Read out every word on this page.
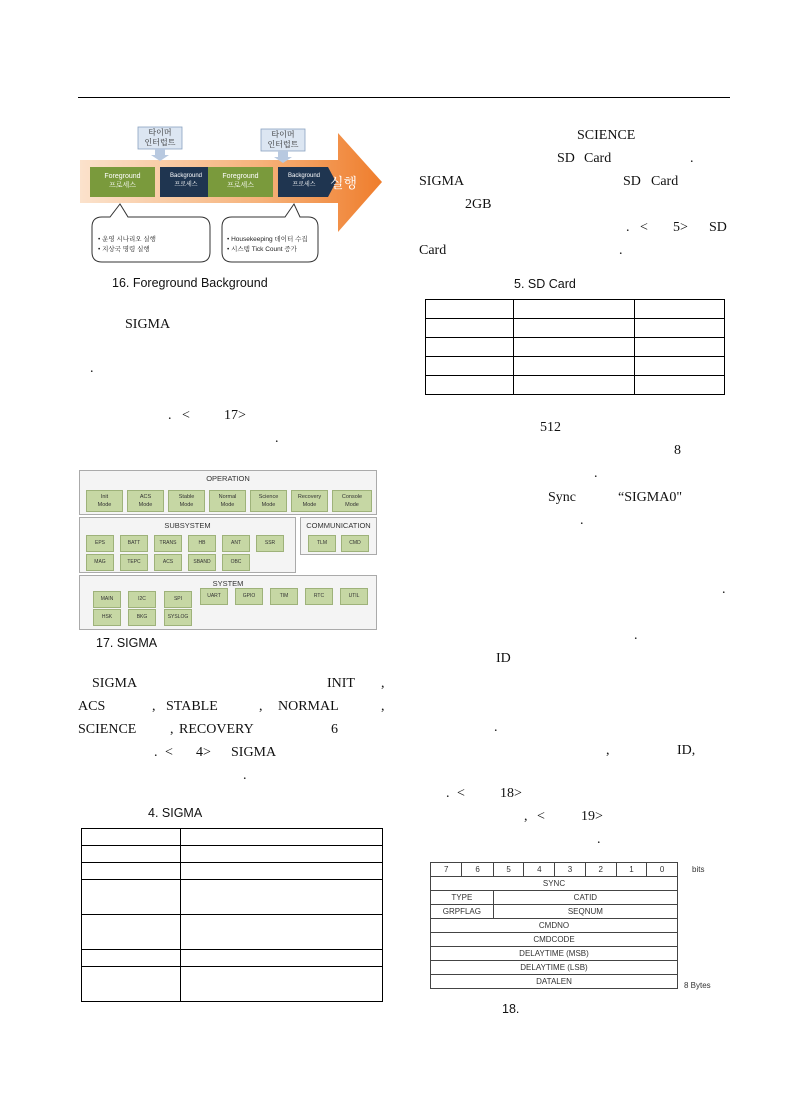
타이머
인터럽트
타이머
인터럽트
Foreground
프로세스
Background
프로세스
Foreground
프로세스
Background
프로세스	실행
• 운영 시나리오 실행
• 지상국 명령 실행
• Housekeeping 데이터 수집
• 시스템 Tick Count 증가
16. Foreground Background
SIGMA
.
. < 17>
.
OPERATION
Init
Mode
ACS
Mode
Stable
Mode
Normal
Mode
Science
Mode
Recovery
Mode
Console
Mode
SUBSYSTEM
EPS	BATT	TRANS	HB	ANT	SSR
MAG	TEPC	ACS	SBAND	OBC
COMMUNICATION
TLM	CMD
SYSTEM
MAIN	I2C	SPI	UART	GPIO	TIM	RTC	UTIL
HSK	BKG	SYSLOG
17. SIGMA
SIGMA	INIT ,
ACS	, STABLE	, NORMAL	,
SCIENCE , RECOVERY	6
. < 4> SIGMA
.
4. SIGMA

SCIENCE
SD Card	.
SIGMA	SD Card
2GB
. < 5> SD
Card	.
5. SD Card

512
8
.
Sync	“SIGMA0"
.
.
.
ID
.
,	ID,
. <	18>
, <	19>
.
7	6	5	4	3	2	1	0
SYNC							
TYPE		CATID					
GRPFLAG		SEQNUM					
CMDNO							
CMDCODE							
DELAYTIME (MSB)							
DELAYTIME (LSB)							
DATALEN							
bits
8 Bytes
18.
